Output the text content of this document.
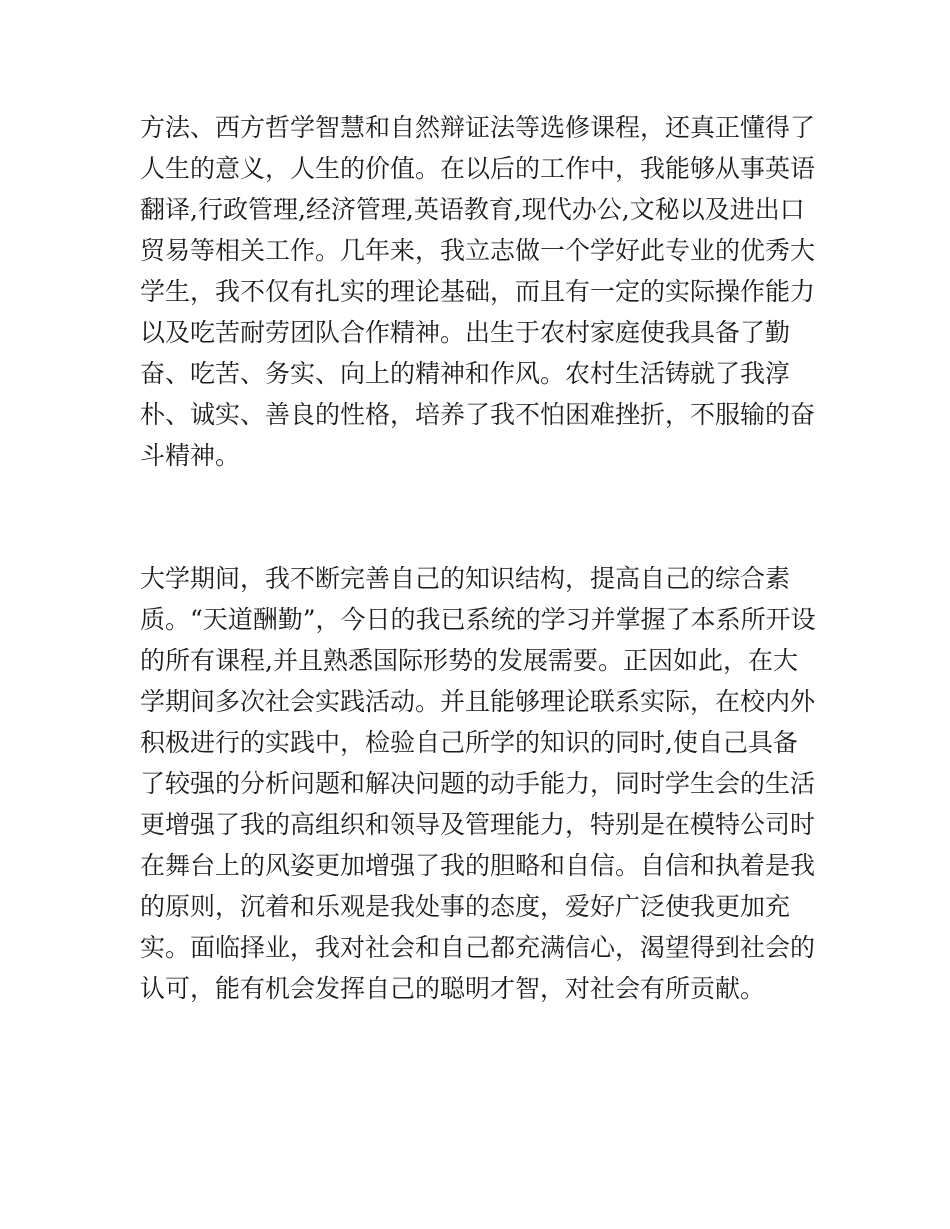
方法、西方哲学智慧和自然辩证法等选修课程，还真正懂得了
人生的意义，人生的价值。在以后的工作中，我能够从事英语
翻译,行政管理,经济管理,英语教育,现代办公,文秘以及进出口
贸易等相关工作。几年来，我立志做一个学好此专业的优秀大
学生，我不仅有扎实的理论基础，而且有一定的实际操作能力
以及吃苦耐劳团队合作精神。出生于农村家庭使我具备了勤
奋、吃苦、务实、向上的精神和作风。农村生活铸就了我淳
朴、诚实、善良的性格，培养了我不怕困难挫折，不服输的奋
斗精神。
大学期间，我不断完善自己的知识结构，提高自己的综合素
质。“天道酬勤”，今日的我已系统的学习并掌握了本系所开设
的所有课程,并且熟悉国际形势的发展需要。正因如此，在大
学期间多次社会实践活动。并且能够理论联系实际，在校内外
积极进行的实践中，检验自己所学的知识的同时,使自己具备
了较强的分析问题和解决问题的动手能力，同时学生会的生活
更增强了我的高组织和领导及管理能力，特别是在模特公司时
在舞台上的风姿更加增强了我的胆略和自信。自信和执着是我
的原则，沉着和乐观是我处事的态度，爱好广泛使我更加充
实。面临择业，我对社会和自己都充满信心，渴望得到社会的
认可，能有机会发挥自己的聪明才智，对社会有所贡献。
